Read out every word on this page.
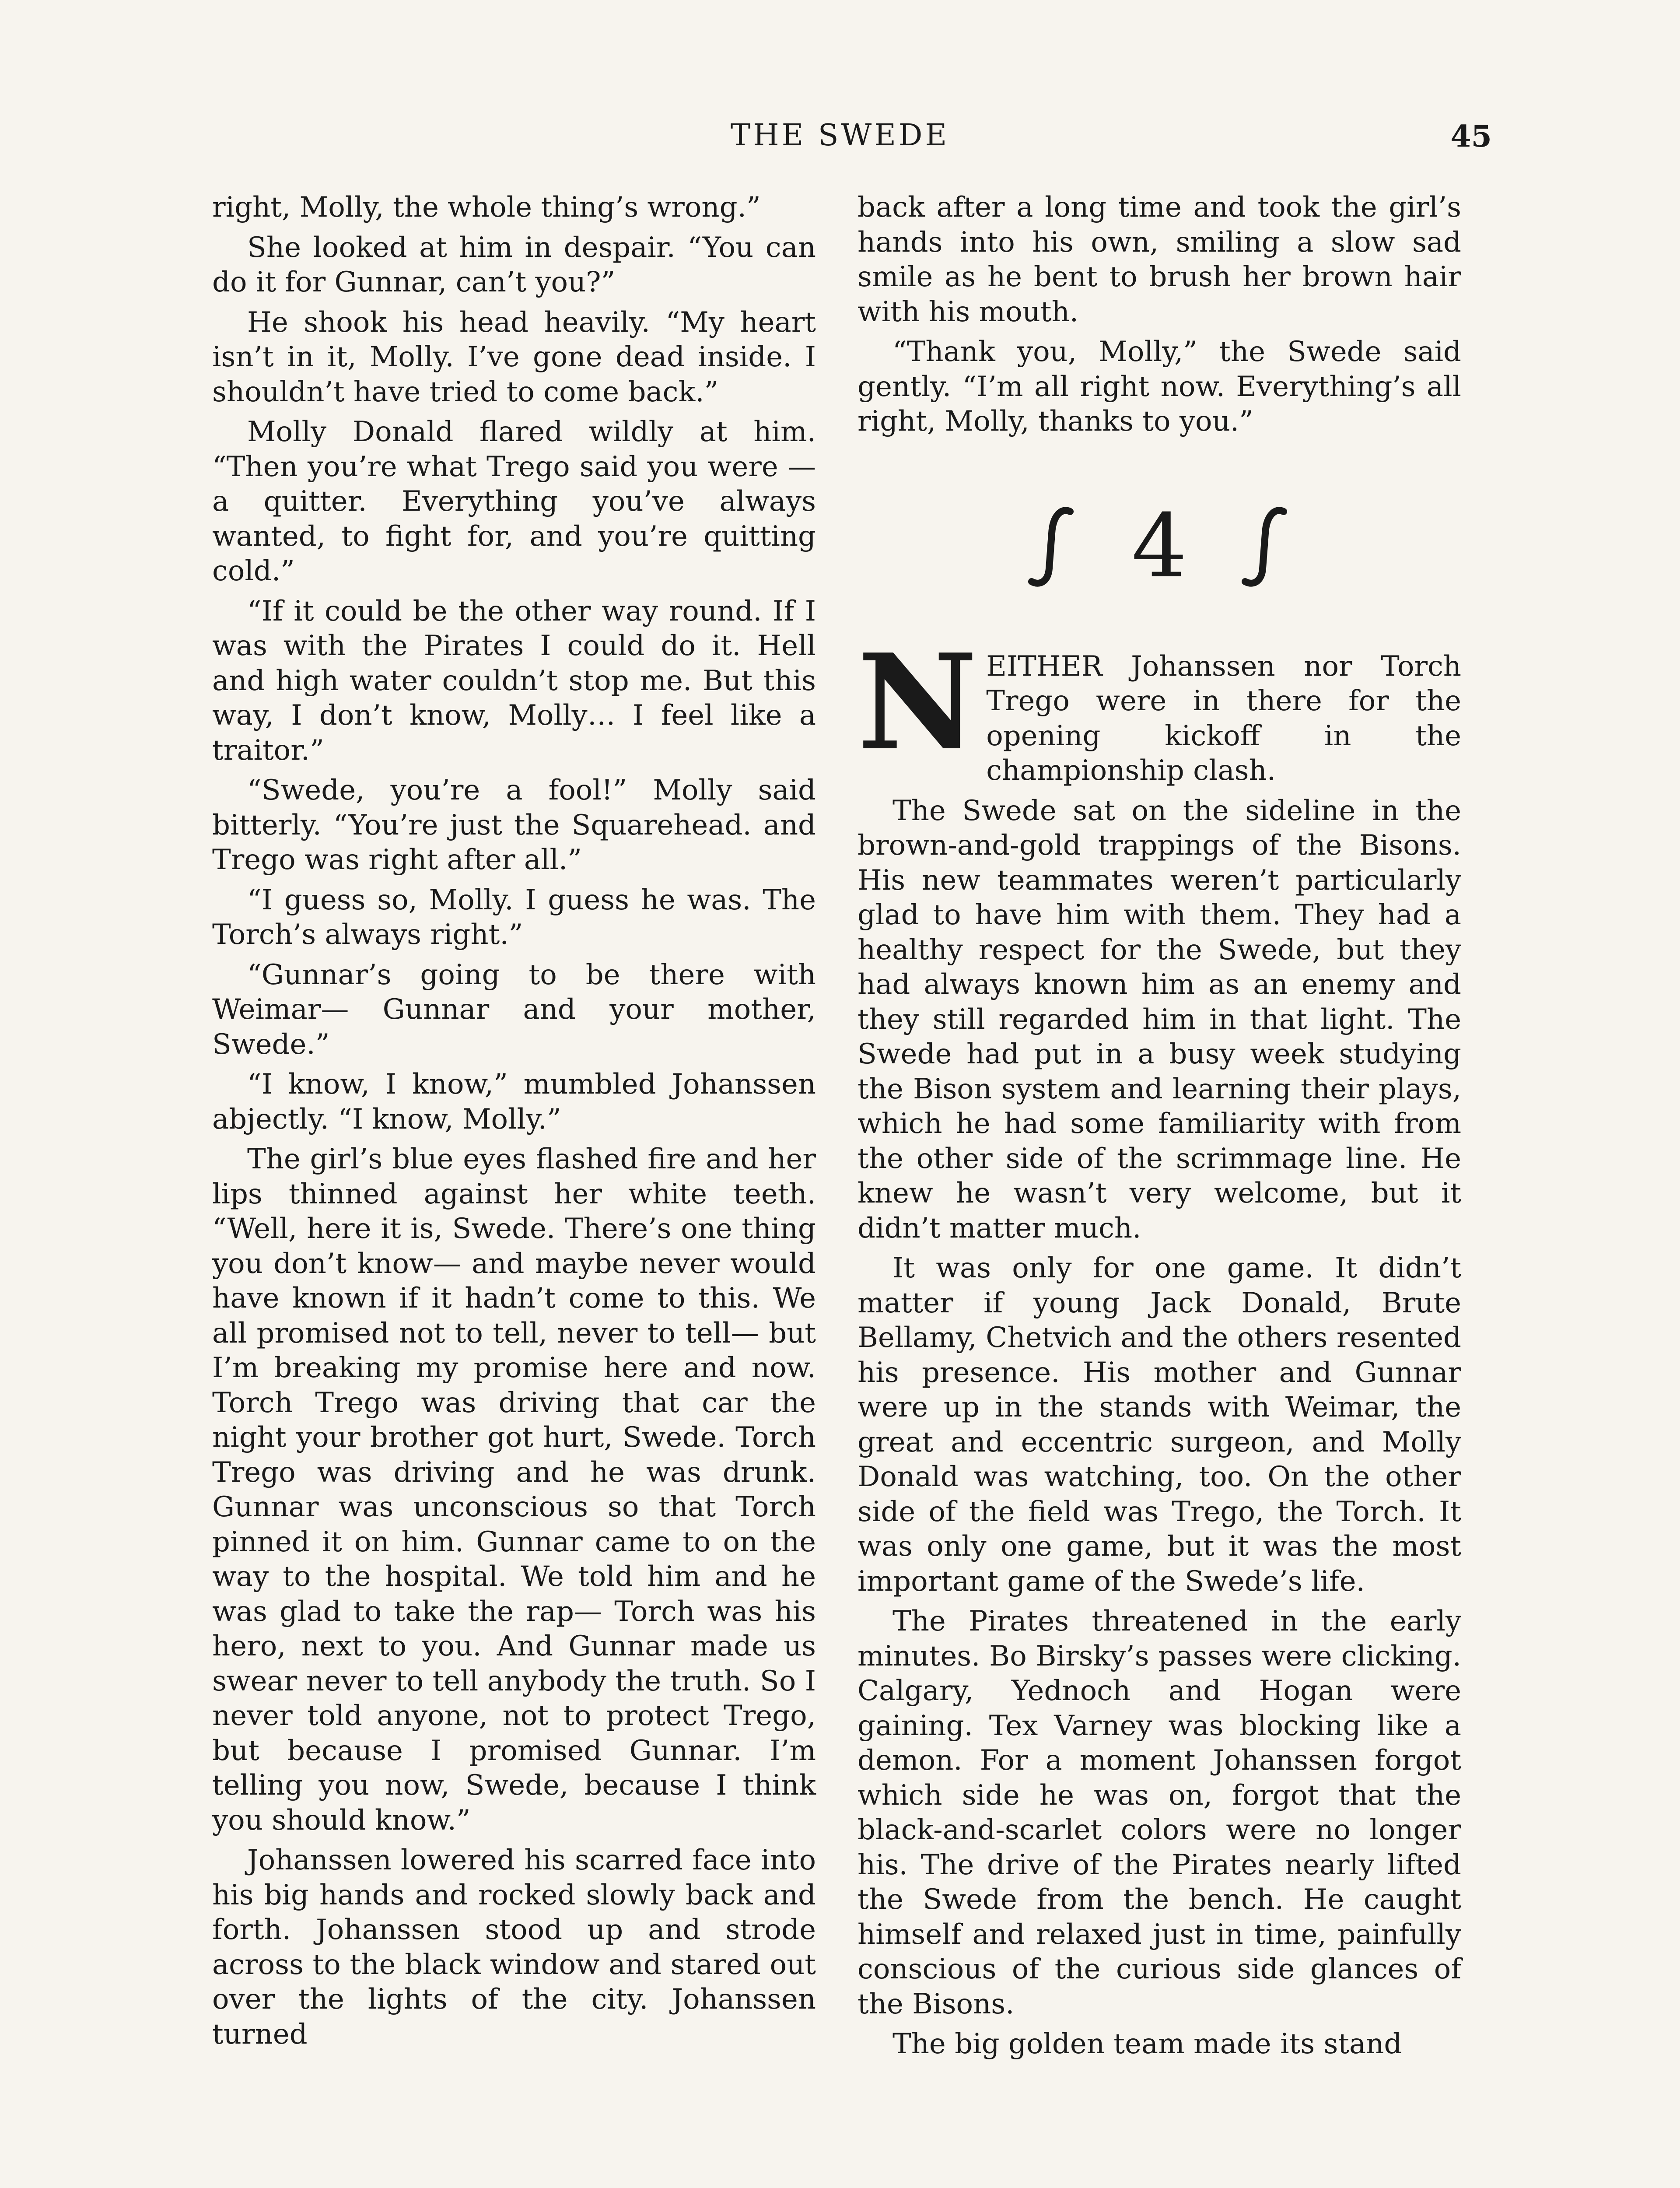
THE SWEDE	45

right, Molly, the whole thing’s wrong.”

She looked at him in despair. “You can do it for Gunnar, can’t you?”

He shook his head heavily. “My heart isn’t in it, Molly. I’ve gone dead inside. I shouldn’t have tried to come back.”

Molly Donald flared wildly at him. “Then you’re what Trego said you were — a quitter. Everything you’ve always wanted, to fight for, and you’re quitting cold.”

“If it could be the other way round. If I was with the Pirates I could do it. Hell and high water couldn’t stop me. But this way, I don’t know, Molly… I feel like a traitor.”

“Swede, you’re a fool!” Molly said bitterly. “You’re just the Squarehead. and Trego was right after all.”

“I guess so, Molly. I guess he was. The Torch’s always right.”

“Gunnar’s going to be there with Weimar— Gunnar and your mother, Swede.”

“I know, I know,” mumbled Johanssen abjectly. “I know, Molly.”

The girl’s blue eyes flashed fire and her lips thinned against her white teeth. “Well, here it is, Swede. There’s one thing you don’t know— and maybe never would have known if it hadn’t come to this. We all promised not to tell, never to tell— but I’m breaking my promise here and now. Torch Trego was driving that car the night your brother got hurt, Swede. Torch Trego was driving and he was drunk. Gunnar was unconscious so that Torch pinned it on him. Gunnar came to on the way to the hospital. We told him and he was glad to take the rap— Torch was his hero, next to you. And Gunnar made us swear never to tell anybody the truth. So I never told anyone, not to protect Trego, but because I promised Gunnar. I’m telling you now, Swede, because I think you should know.”

Johanssen lowered his scarred face into his big hands and rocked slowly back and forth. Johanssen stood up and strode across to the black window and stared out over the lights of the city. Johanssen turned

back after a long time and took the girl’s hands into his own, smiling a slow sad smile as he bent to brush her brown hair with his mouth.

“Thank you, Molly,” the Swede said gently. “I’m all right now. Everything’s all right, Molly, thanks to you.”

4

NEITHER Johanssen nor Torch Trego were in there for the opening kickoff in the championship clash.

The Swede sat on the sideline in the brown-and-gold trappings of the Bisons. His new teammates weren’t particularly glad to have him with them. They had a healthy respect for the Swede, but they had always known him as an enemy and they still regarded him in that light. The Swede had put in a busy week studying the Bison system and learning their plays, which he had some familiarity with from the other side of the scrimmage line. He knew he wasn’t very welcome, but it didn’t matter much.

It was only for one game. It didn’t matter if young Jack Donald, Brute Bellamy, Chetvich and the others resented his presence. His mother and Gunnar were up in the stands with Weimar, the great and eccentric surgeon, and Molly Donald was watching, too. On the other side of the field was Trego, the Torch. It was only one game, but it was the most important game of the Swede’s life.

The Pirates threatened in the early minutes. Bo Birsky’s passes were clicking. Calgary, Yednoch and Hogan were gaining. Tex Varney was blocking like a demon. For a moment Johanssen forgot which side he was on, forgot that the black-and-scarlet colors were no longer his. The drive of the Pirates nearly lifted the Swede from the bench. He caught himself and relaxed just in time, painfully conscious of the curious side glances of the Bisons.

The big golden team made its stand
